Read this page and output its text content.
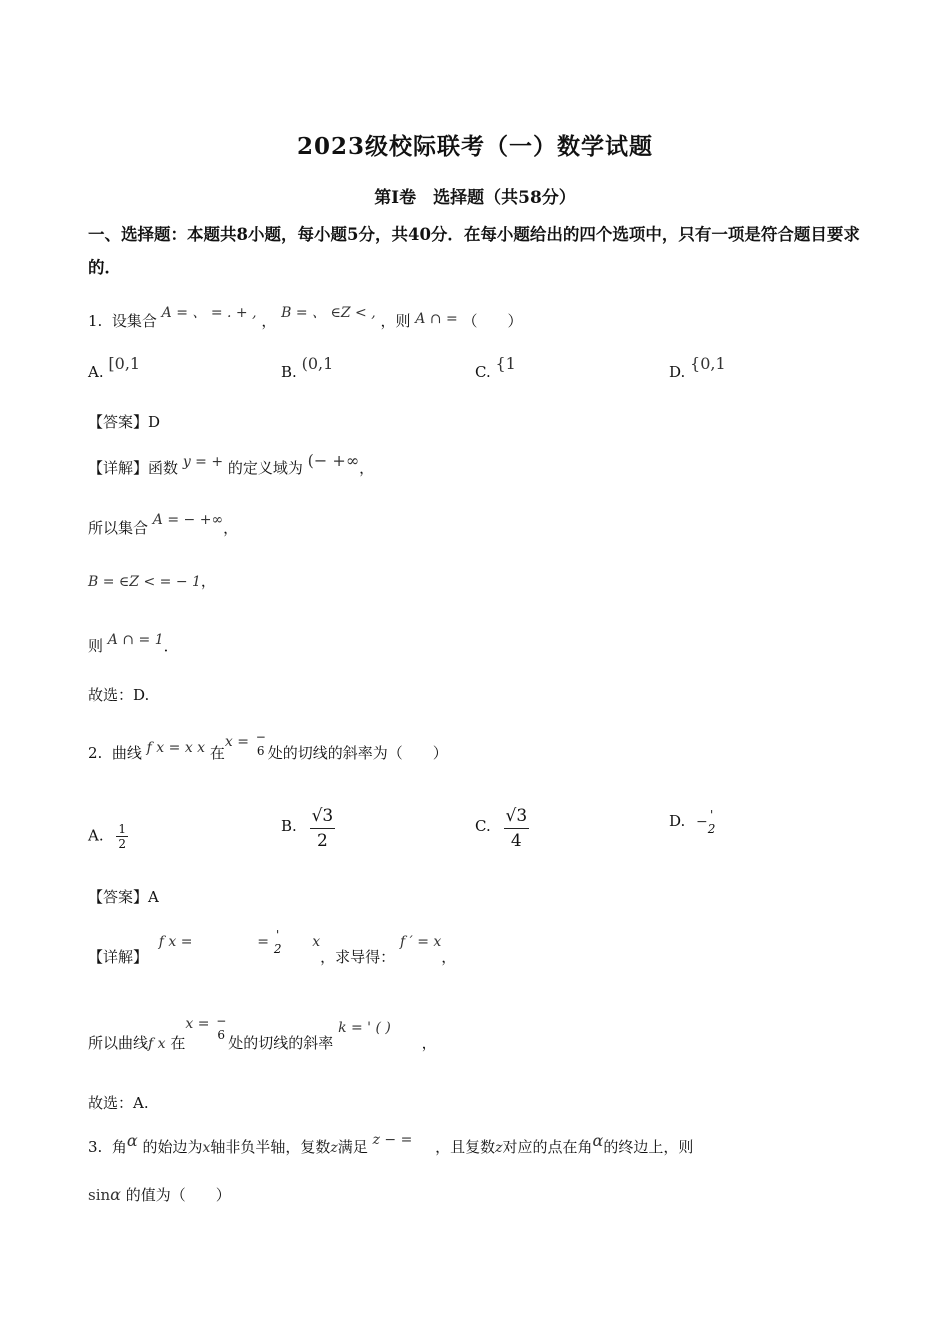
2023级校际联考（一）数学试题
第Ⅰ卷　选择题（共58分）
一、选择题：本题共8小题，每小题5分，共40分．在每小题给出的四个选项中，只有一项是符合题目要求的．
1. 设集合 A = 、 = . + , ， B = 、 ∈Z < , ，则 A ∩ = （　　）
A. [0,1	B. (0,1	C. {1	D. {0,1
【答案】D
【详解】函数 y = + 的定义域为 (− +∞，
所以集合 A = − +∞，
B = ∈Z < = − 1，
则 A ∩ = 1．
故选：D.
2. 曲线 f x = x x 在x = −
6 处的切线的斜率为（　　）
A. $\frac{1}{2}$	B. $\frac{√3}{2}$	C. $\frac{√3}{4}$	D. − '
2
【答案】A
【详解】 f x =	= '
2 x，求导得： f ′ = x，
所以曲线f x 在x = −
6 处的切线的斜率 k = ' ( ) ，
故选：A.
3. 角α 的始边为x轴非负半轴，复数z满足 z − = ，且复数z对应的点在角α的终边上，则
sinα 的值为（　　）
